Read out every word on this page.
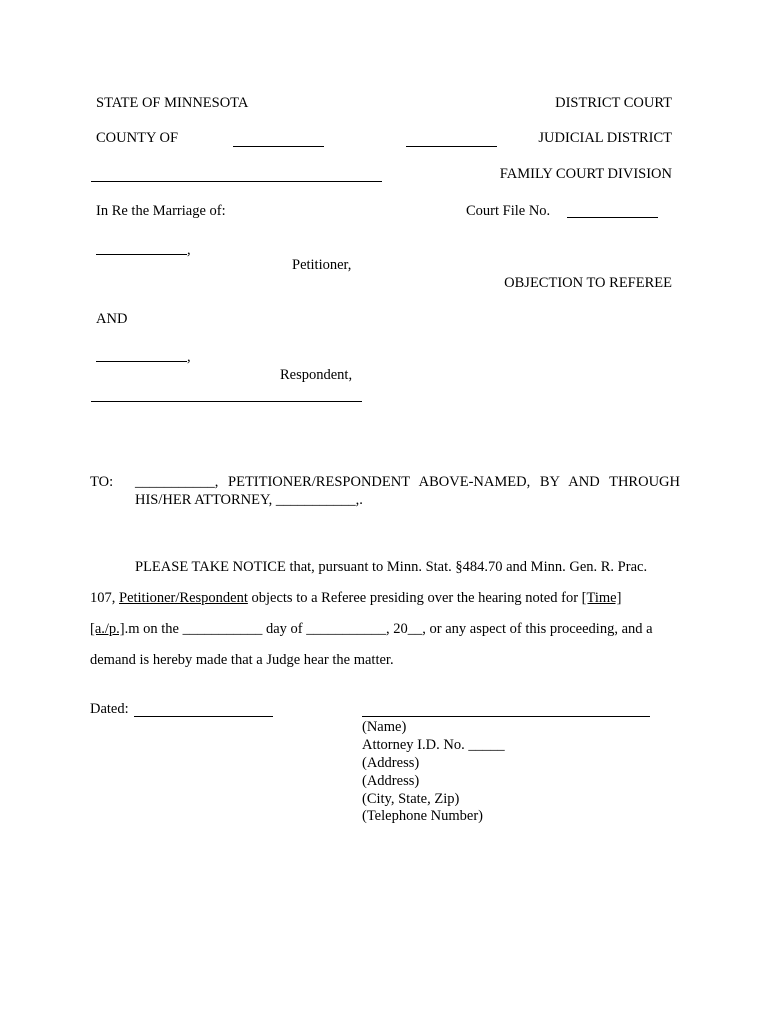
STATE OF MINNESOTA	DISTRICT COURT
COUNTY OF	JUDICIAL DISTRICT
FAMILY COURT DIVISION
In Re the Marriage of:	Court File No.
,
Petitioner,
OBJECTION TO REFEREE
AND
,
Respondent,
TO: ___________, PETITIONER/RESPONDENT ABOVE-NAMED, BY AND THROUGH
HIS/HER ATTORNEY, ___________,.
PLEASE TAKE NOTICE that, pursuant to Minn. Stat. §484.70 and Minn. Gen. R. Prac.
107, Petitioner/Respondent objects to a Referee presiding over the hearing noted for [Time]
[a./p.].m on the ___________ day of ___________, 20__, or any aspect of this proceeding, and a
demand is hereby made that a Judge hear the matter.
Dated:
(Name)
Attorney I.D. No. _____
(Address)
(Address)
(City, State, Zip)
(Telephone Number)
